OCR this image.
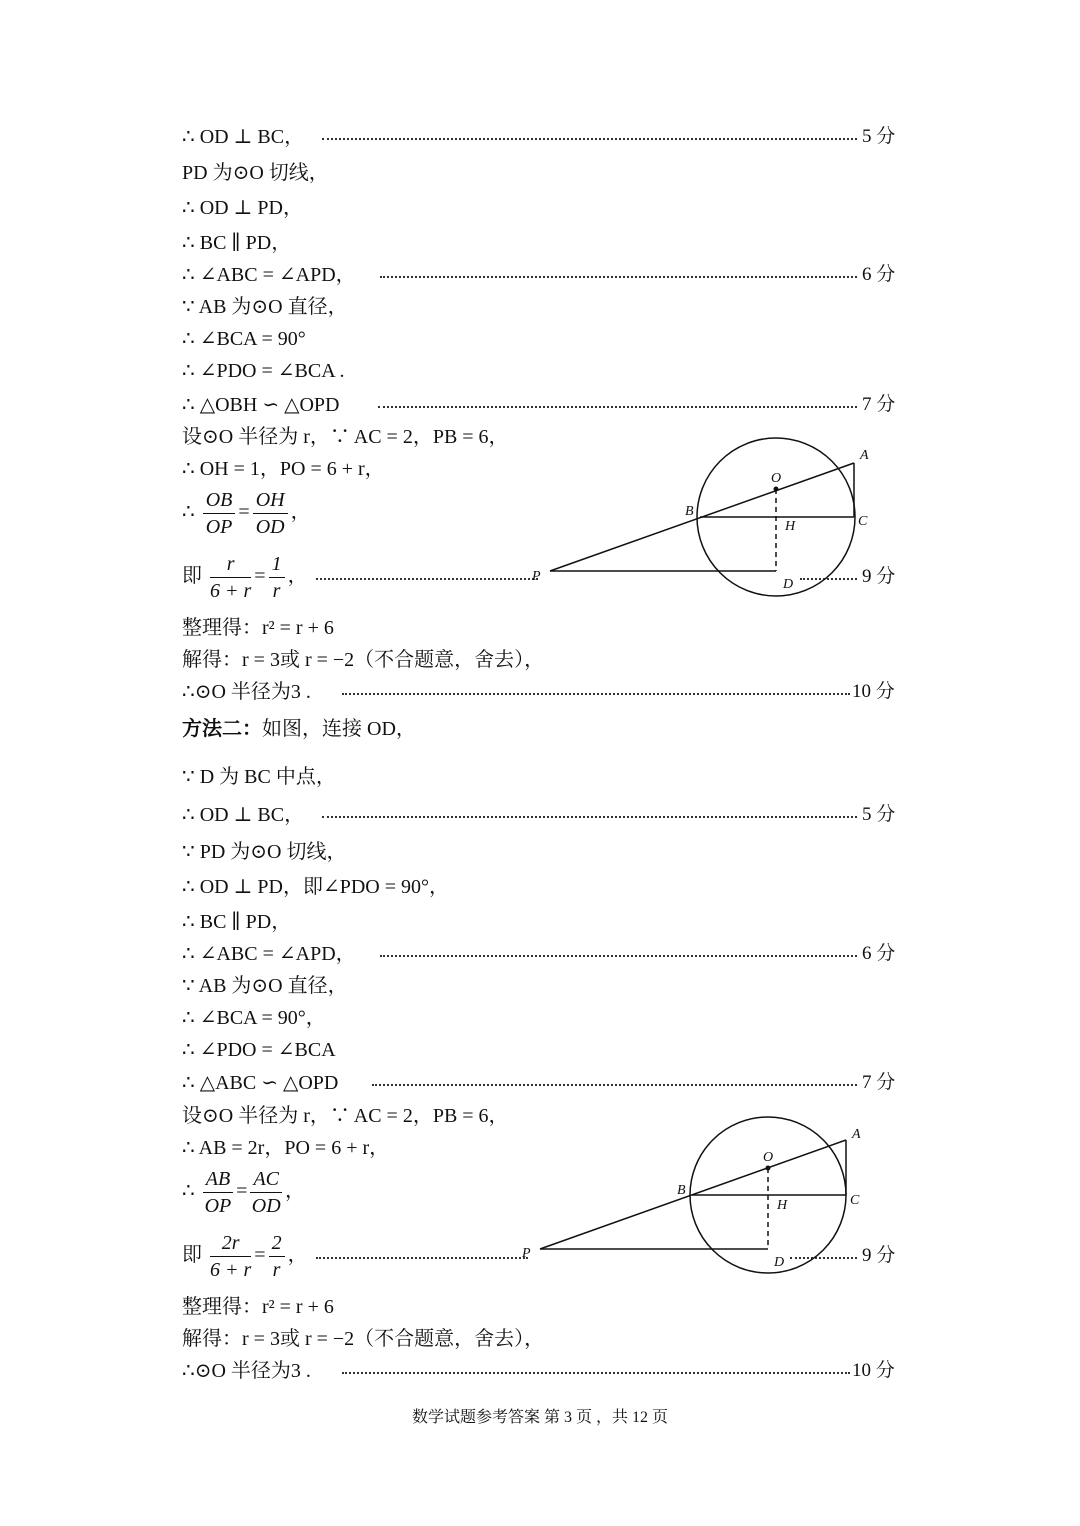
∴ OD ⊥ BC，	5 分
PD 为⊙O 切线，
∴ OD ⊥ PD，
∴ BC ∥ PD，
∴ ∠ABC = ∠APD，	6 分
∵ AB 为⊙O 直径，
∴ ∠BCA = 90°
∴ ∠PDO = ∠BCA .
∴ △OBH ∽ △OPD	7 分
设⊙O 半径为 r，∵ AC = 2，PB = 6，
∴ OH = 1，PO = 6 + r，
∴ $\frac{OB}{OP} = \frac{OH}{OD}$ ，
即 $\frac{r}{6 + r} = \frac{1}{r}$ ，	9 分
整理得：r² = r + 6
解得：r = 3或 r = −2（不合题意，舍去），
∴⊙O 半径为3 .	10 分
A
O
B
H	C
P
D
方法二：如图，连接 OD，
∵ D 为 BC 中点，
∴ OD ⊥ BC，	5 分
∵ PD 为⊙O 切线，
∴ OD ⊥ PD，即∠PDO = 90°，
∴ BC ∥ PD，
∴ ∠ABC = ∠APD，	6 分
∵ AB 为⊙O 直径，
∴ ∠BCA = 90°，
∴ ∠PDO = ∠BCA
∴ △ABC ∽ △OPD	7 分
设⊙O 半径为 r，∵ AC = 2，PB = 6，
∴ AB = 2r，PO = 6 + r，
∴ $\frac{AB}{OP} = \frac{AC}{OD}$ ，
即 $\frac{2r}{6 + r} = \frac{2}{r}$ ，	9 分
整理得：r² = r + 6
解得：r = 3或 r = −2（不合题意，舍去），
∴⊙O 半径为3 .	10 分
A
O
B
H	C
P
D
数学试题参考答案 第 3 页 ，共 12 页
